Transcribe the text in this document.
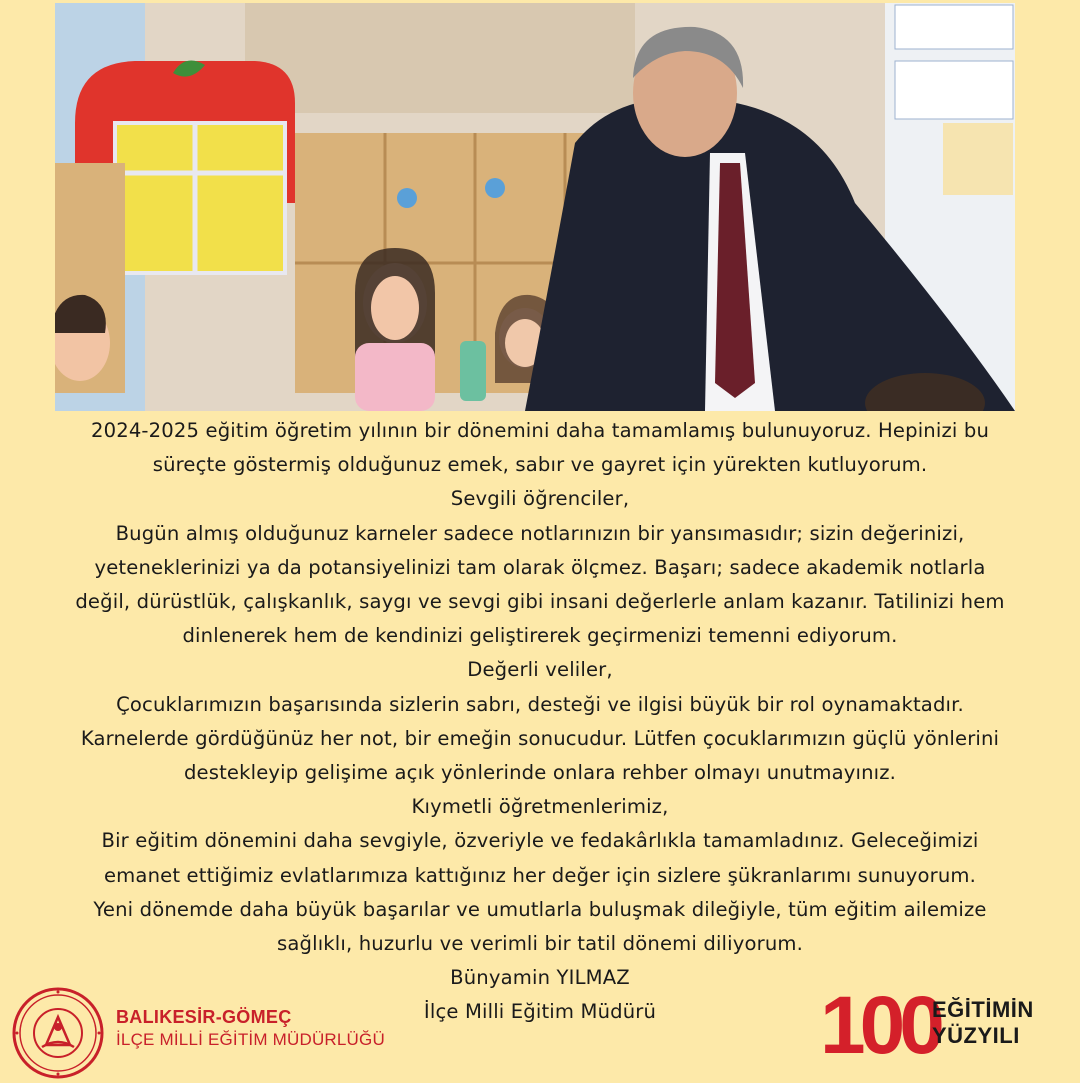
2024-2025 eğitim öğretim yılının bir dönemini daha tamamlamış bulunuyoruz. Hepinizi bu

süreçte göstermiş olduğunuz emek, sabır ve gayret için yürekten kutluyorum.

Sevgili öğrenciler,

Bugün almış olduğunuz karneler sadece notlarınızın bir yansımasıdır; sizin değerinizi,

yeteneklerinizi ya da potansiyelinizi tam olarak ölçmez. Başarı; sadece akademik notlarla

değil, dürüstlük, çalışkanlık, saygı ve sevgi gibi insani değerlerle anlam kazanır. Tatilinizi hem

dinlenerek hem de kendinizi geliştirerek geçirmenizi temenni ediyorum.

Değerli veliler,

Çocuklarımızın başarısında sizlerin sabrı, desteği ve ilgisi büyük bir rol oynamaktadır.

Karnelerde gördüğünüz her not, bir emeğin sonucudur. Lütfen çocuklarımızın güçlü yönlerini

destekleyip gelişime açık yönlerinde onlara rehber olmayı unutmayınız.

Kıymetli öğretmenlerimiz,

Bir eğitim dönemini daha sevgiyle, özveriyle ve fedakârlıkla tamamladınız. Geleceğimizi

emanet ettiğimiz evlatlarımıza kattığınız her değer için sizlere şükranlarımı sunuyorum.

Yeni dönemde daha büyük başarılar ve umutlarla buluşmak dileğiyle, tüm eğitim ailemize

sağlıklı, huzurlu ve verimli bir tatil dönemi diliyorum.

Bünyamin YILMAZ

İlçe Milli Eğitim Müdürü

BALIKESİR-GÖMEÇ
İLÇE MİLLİ EĞİTİM MÜDÜRLÜĞÜ	100
EĞİTİMİN
YÜZYILI
